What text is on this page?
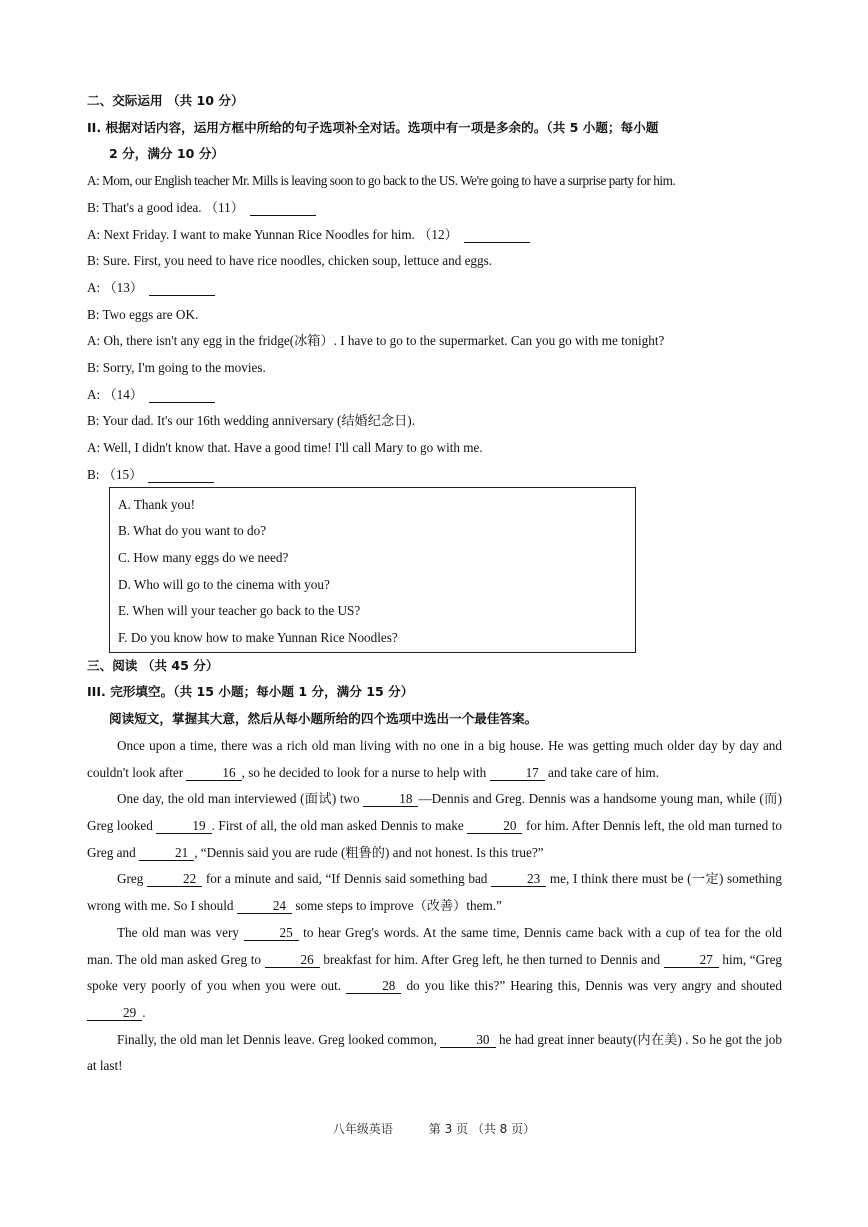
二、交际运用 （共 10 分）
II. 根据对话内容，运用方框中所给的句子选项补全对话。选项中有一项是多余的。（共 5 小题；每小题
2 分，满分 10 分）
A: Mom, our English teacher Mr. Mills is leaving soon to go back to the US. We're going to have a surprise party for him.
B: That's a good idea. （11）
A: Next Friday. I want to make Yunnan Rice Noodles for him. （12）
B: Sure. First, you need to have rice noodles, chicken soup, lettuce and eggs.
A: （13）
B: Two eggs are OK.
A: Oh, there isn't any egg in the fridge(冰箱）. I have to go to the supermarket. Can you go with me tonight?
B: Sorry, I'm going to the movies.
A: （14）
B: Your dad. It's our 16th wedding anniversary (结婚纪念日).
A: Well, I didn't know that. Have a good time! I'll call Mary to go with me.
B: （15）
A. Thank you!
B. What do you want to do?
C. How many eggs do we need?
D. Who will go to the cinema with you?
E. When will your teacher go back to the US?
F. Do you know how to make Yunnan Rice Noodles?
三、阅读 （共 45 分）
III. 完形填空。（共 15 小题；每小题 1 分，满分 15 分）
阅读短文，掌握其大意，然后从每小题所给的四个选项中选出一个最佳答案。
Once upon a time, there was a rich old man living with no one in a big house. He was getting much older day by day and couldn't look after	16 , so he decided to look for a nurse to help with	17 and take care of him.
One day, the old man interviewed (面试) two	18 —Dennis and Greg. Dennis was a handsome young man, while (而) Greg looked	19 . First of all, the old man asked Dennis to make	20 for him. After Dennis left, the old man turned to Greg and	21 , “Dennis said you are rude (粗鲁的) and not honest. Is this true?”
Greg	22 for a minute and said, “If Dennis said something bad	23 me, I think there must be (一定) something wrong with me. So I should	24 some steps to improve（改善）them.”
The old man was very	25 to hear Greg's words. At the same time, Dennis came back with a cup of tea for the old man. The old man asked Greg to	26 breakfast for him. After Greg left, he then turned to Dennis and	27 him, “Greg spoke very poorly of you when you were out.	28 do you like this?” Hearing this, Dennis was very angry and shouted 29 .
Finally, the old man let Dennis leave. Greg looked common,	30 he had great inner beauty(内在美) . So he got the job at last!
八年级英语	第 3 页 （共 8 页）
